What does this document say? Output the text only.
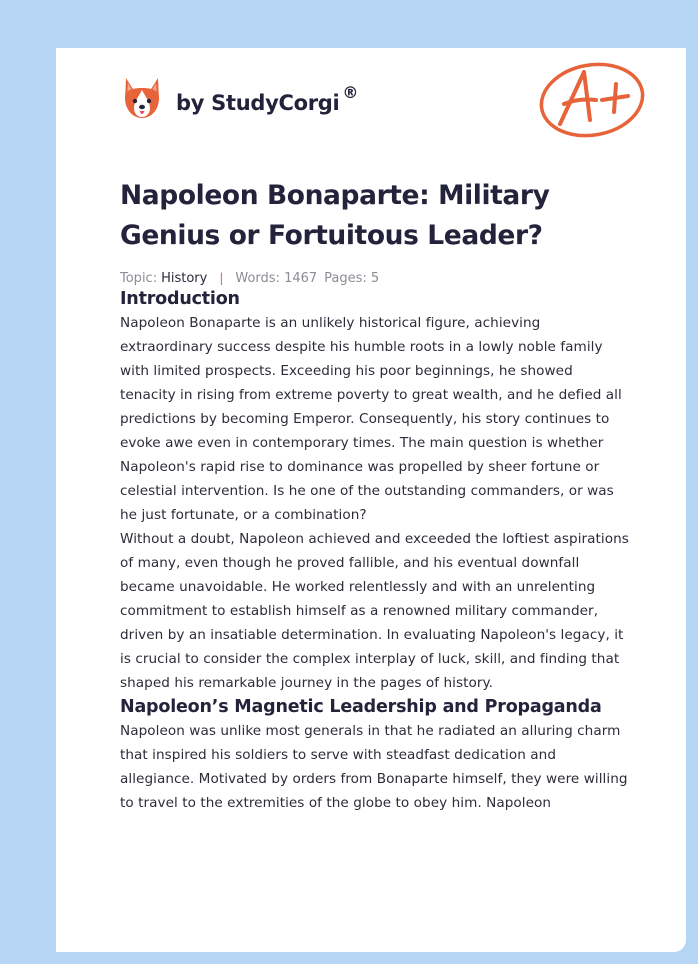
by StudyCorgi ®
Napoleon Bonaparte: Military Genius or Fortuitous Leader?
Topic: History | Words: 1467 Pages: 5
Introduction

Napoleon Bonaparte is an unlikely historical figure, achieving extraordinary success despite his humble roots in a lowly noble family with limited prospects. Exceeding his poor beginnings, he showed tenacity in rising from extreme poverty to great wealth, and he defied all predictions by becoming Emperor. Consequently, his story continues to evoke awe even in contemporary times. The main question is whether Napoleon's rapid rise to dominance was propelled by sheer fortune or celestial intervention. Is he one of the outstanding commanders, or was he just fortunate, or a combination?

Without a doubt, Napoleon achieved and exceeded the loftiest aspirations of many, even though he proved fallible, and his eventual downfall became unavoidable. He worked relentlessly and with an unrelenting commitment to establish himself as a renowned military commander, driven by an insatiable determination. In evaluating Napoleon's legacy, it is crucial to consider the complex interplay of luck, skill, and finding that shaped his remarkable journey in the pages of history.

Napoleon’s Magnetic Leadership and Propaganda

Napoleon was unlike most generals in that he radiated an alluring charm that inspired his soldiers to serve with steadfast dedication and allegiance. Motivated by orders from Bonaparte himself, they were willing to travel to the extremities of the globe to obey him. Napoleon
